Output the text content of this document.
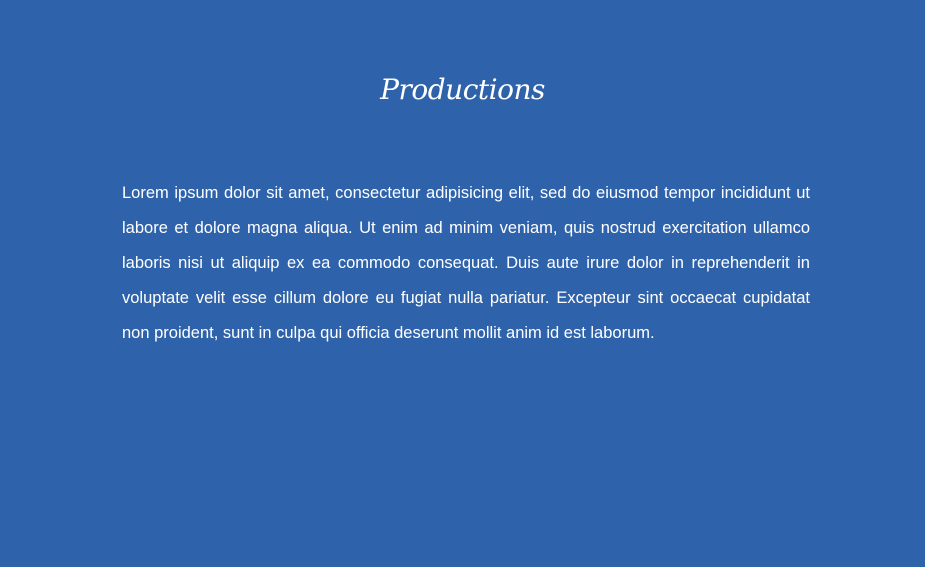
Productions

Lorem ipsum dolor sit amet, consectetur adipisicing elit, sed do eiusmod tempor incididunt ut labore et dolore magna aliqua. Ut enim ad minim veniam, quis nostrud exercitation ullamco laboris nisi ut aliquip ex ea commodo consequat. Duis aute irure dolor in reprehenderit in voluptate velit esse cillum dolore eu fugiat nulla pariatur. Excepteur sint occaecat cupidatat non proident, sunt in culpa qui officia deserunt mollit anim id est laborum.
